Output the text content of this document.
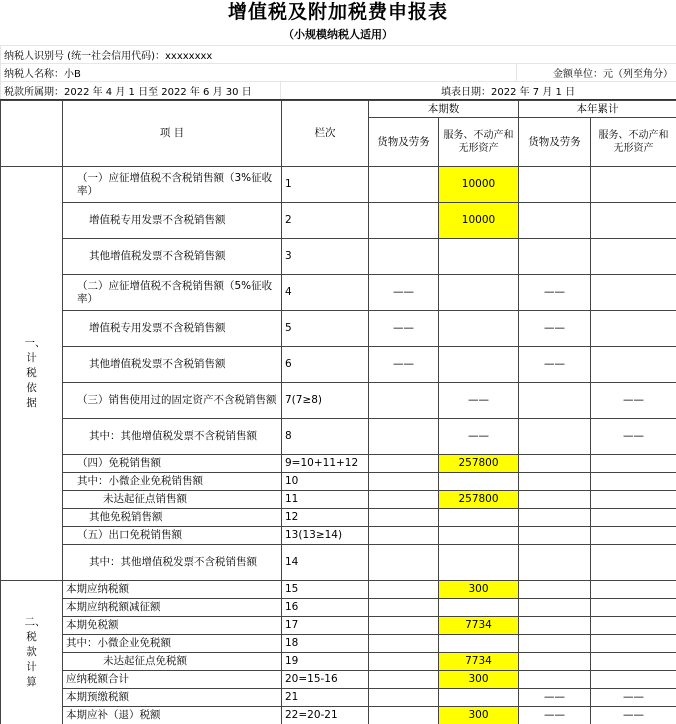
增值税及附加税费申报表
（小规模纳税人适用）
纳税人识别号 (统一社会信用代码)：xxxxxxxx		
纳税人名称：小B		金额单位：元（列至角分）
税款所属期：2022 年 4 月 1 日至 2022 年 6 月 30 日	填表日期：2022 年 7 月 1 日	
	项 目	栏次	本期数		本年累计	
			货物及劳务	服务、不动产和无形资产	货物及劳务	服务、不动产和无形资产
一、计税依据	（一）应征增值税不含税销售额（3%征收率）	1		10000		
	增值税专用发票不含税销售额	2		10000		
	其他增值税发票不含税销售额	3				
	（二）应征增值税不含税销售额（5%征收率）	4	——		——	
	增值税专用发票不含税销售额	5	——		——	
	其他增值税发票不含税销售额	6	——		——	
	（三）销售使用过的固定资产不含税销售额	7(7≥8)		——		——
	其中：其他增值税发票不含税销售额	8		——		——
	（四）免税销售额	9=10+11+12		257800		
	其中：小微企业免税销售额	10				
	未达起征点销售额	11		257800		
	其他免税销售额	12				
	（五）出口免税销售额	13(13≥14)				
	其中：其他增值税发票不含税销售额	14				
二、税款计算	本期应纳税额	15		300		
	本期应纳税额减征额	16				
	本期免税额	17		7734		
	其中：小微企业免税额	18				
	未达起征点免税额	19		7734		
	应纳税额合计	20=15-16		300		
	本期预缴税额	21			——	——
	本期应补（退）税额	22=20-21		300	——	——
